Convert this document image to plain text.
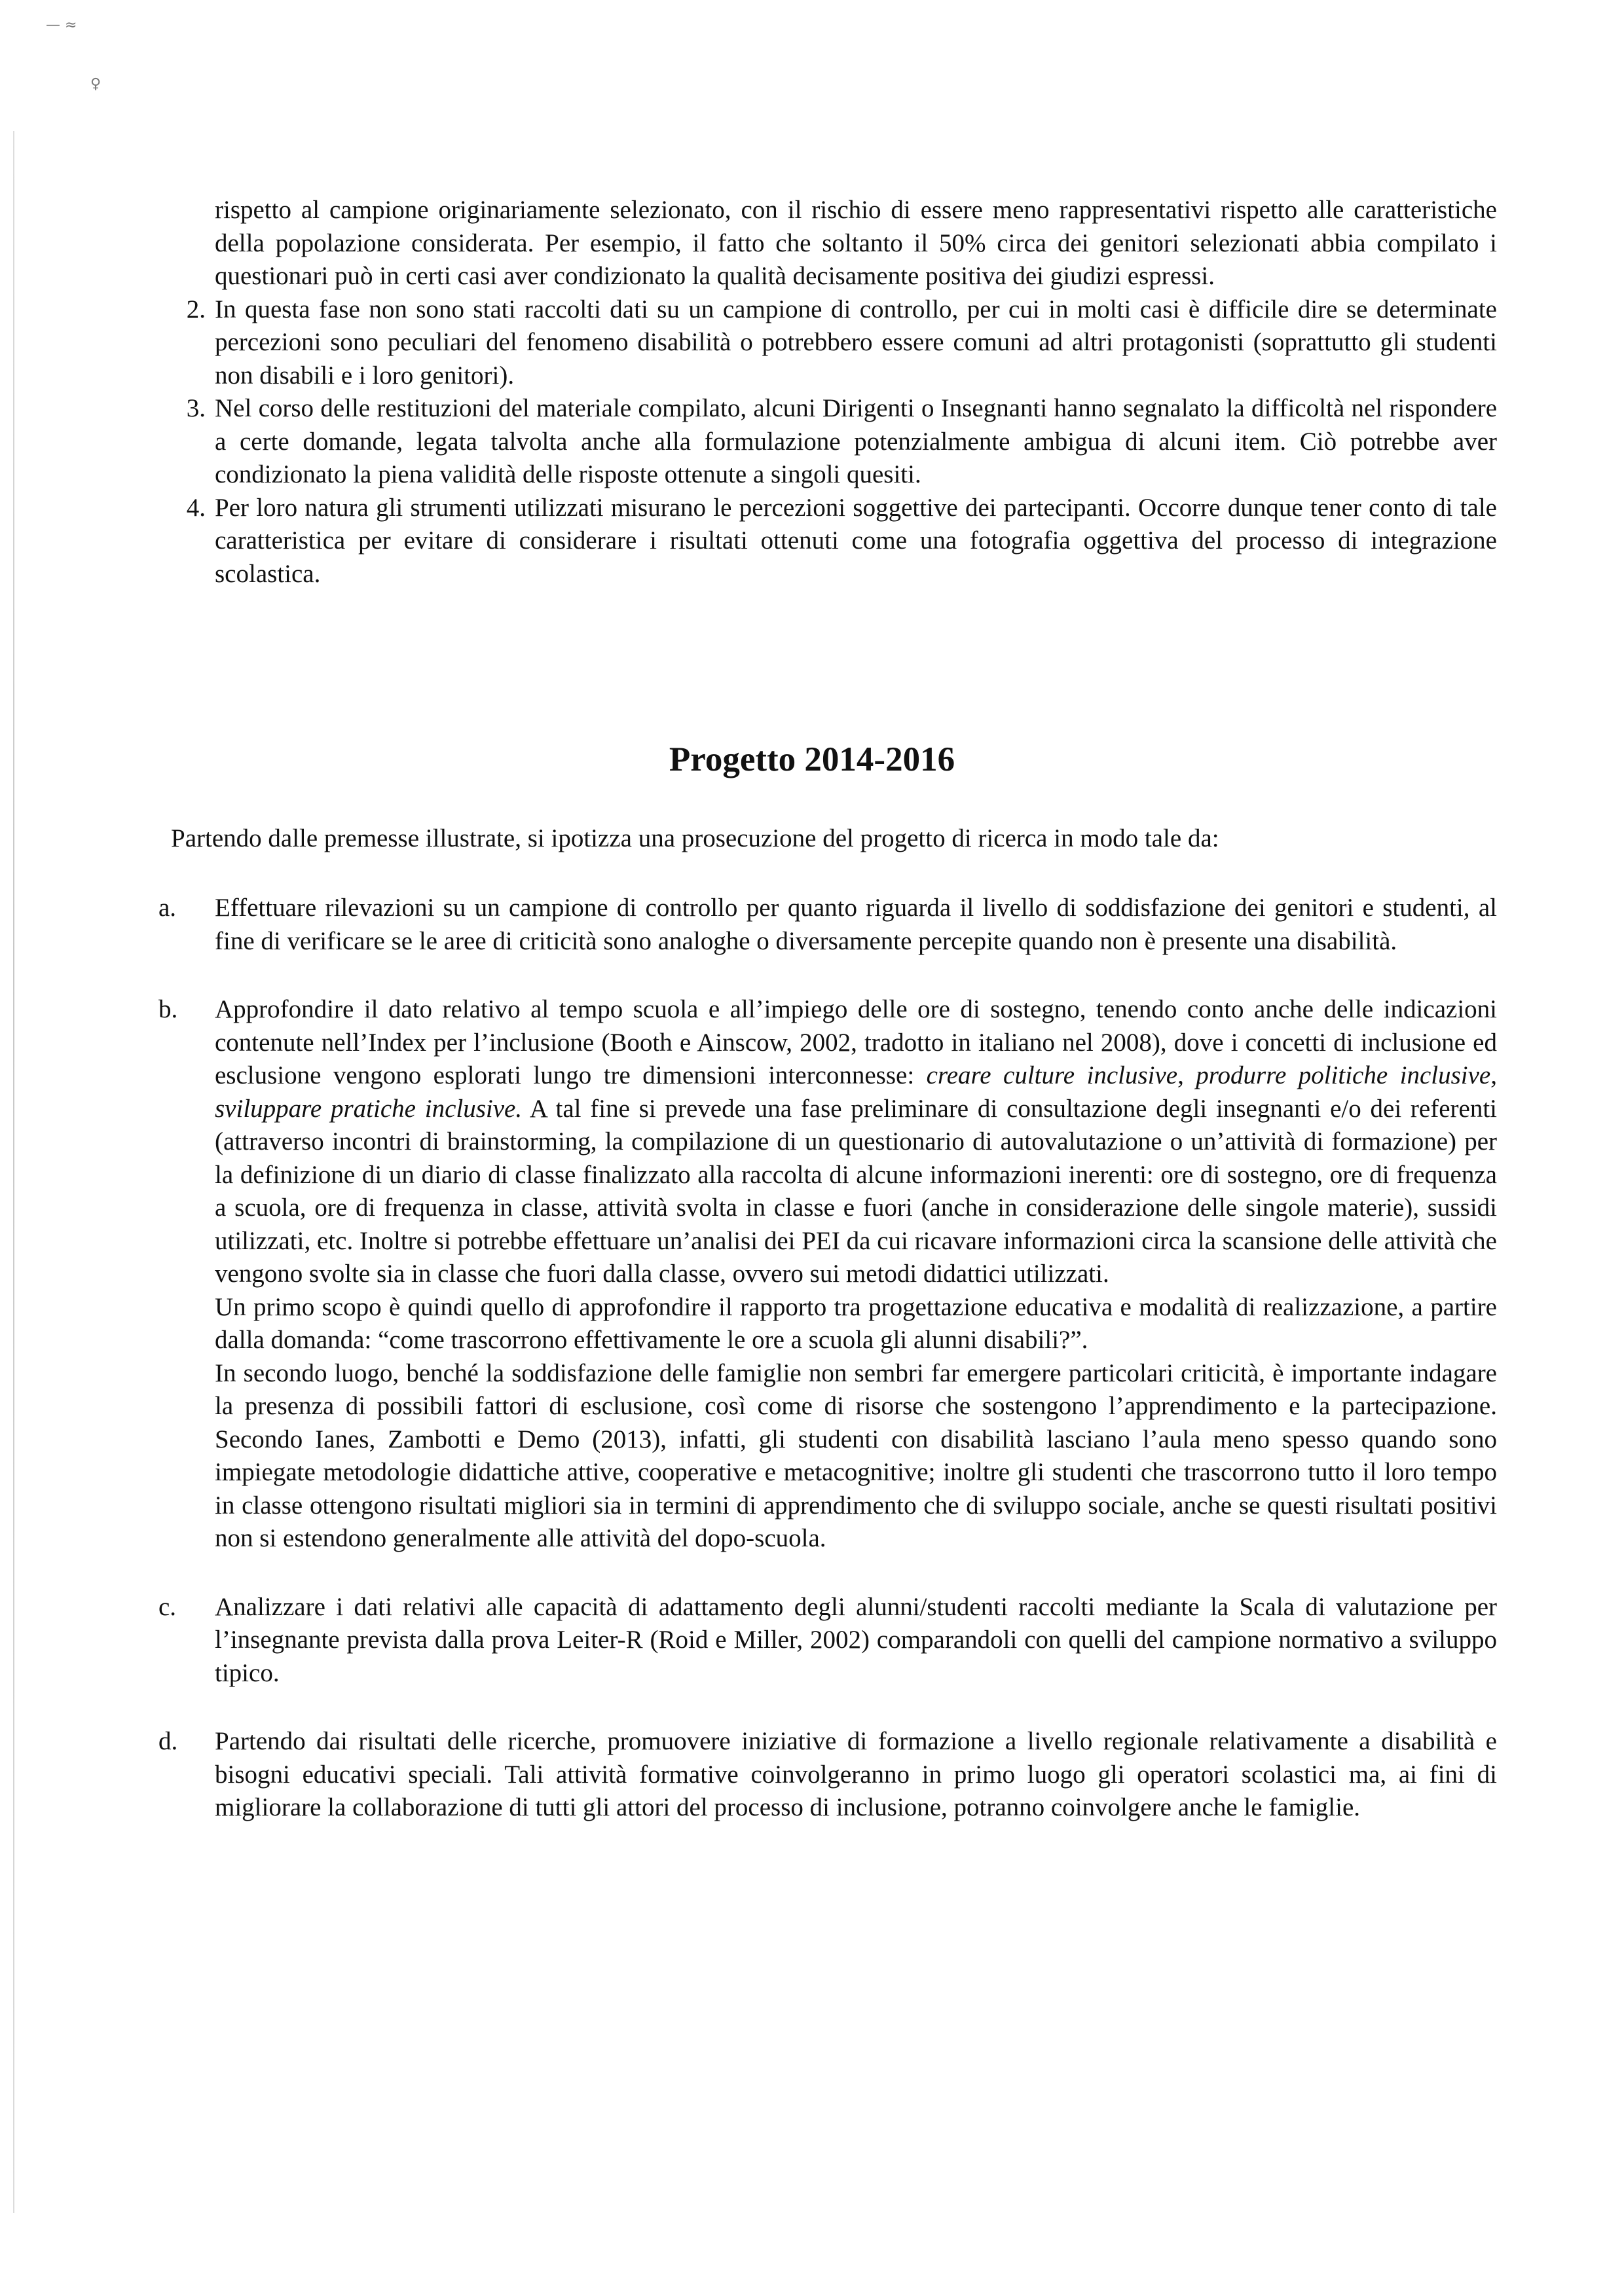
— ≈
♀

rispetto al campione originariamente selezionato, con il rischio di essere meno rappresentativi rispetto alle caratteristiche della popolazione considerata. Per esempio, il fatto che soltanto il 50% circa dei genitori selezionati abbia compilato i questionari può in certi casi aver condizionato la qualità decisamente positiva dei giudizi espressi.

2. In questa fase non sono stati raccolti dati su un campione di controllo, per cui in molti casi è difficile dire se determinate percezioni sono peculiari del fenomeno disabilità o potrebbero essere comuni ad altri protagonisti (soprattutto gli studenti non disabili e i loro genitori).
3. Nel corso delle restituzioni del materiale compilato, alcuni Dirigenti o Insegnanti hanno segnalato la difficoltà nel rispondere a certe domande, legata talvolta anche alla formulazione potenzialmente ambigua di alcuni item. Ciò potrebbe aver condizionato la piena validità delle risposte ottenute a singoli quesiti.
4. Per loro natura gli strumenti utilizzati misurano le percezioni soggettive dei partecipanti. Occorre dunque tener conto di tale caratteristica per evitare di considerare i risultati ottenuti come una fotografia oggettiva del processo di integrazione scolastica.
Progetto 2014-2016

Partendo dalle premesse illustrate, si ipotizza una prosecuzione del progetto di ricerca in modo tale da:

a.	Effettuare rilevazioni su un campione di controllo per quanto riguarda il livello di soddisfazione dei genitori e studenti, al fine di verificare se le aree di criticità sono analoghe o diversamente percepite quando non è presente una disabilità.

b.	Approfondire il dato relativo al tempo scuola e all’impiego delle ore di sostegno, tenendo conto anche delle indicazioni contenute nell’Index per l’inclusione (Booth e Ainscow, 2002, tradotto in italiano nel 2008), dove i concetti di inclusione ed esclusione vengono esplorati lungo tre dimensioni interconnesse: creare culture inclusive, produrre politiche inclusive, sviluppare pratiche inclusive. A tal fine si prevede una fase preliminare di consultazione degli insegnanti e/o dei referenti (attraverso incontri di brainstorming, la compilazione di un questionario di autovalutazione o un’attività di formazione) per la definizione di un diario di classe finalizzato alla raccolta di alcune informazioni inerenti: ore di sostegno, ore di frequenza a scuola, ore di frequenza in classe, attività svolta in classe e fuori (anche in considerazione delle singole materie), sussidi utilizzati, etc. Inoltre si potrebbe effettuare un’analisi dei PEI da cui ricavare informazioni circa la scansione delle attività che vengono svolte sia in classe che fuori dalla classe, ovvero sui metodi didattici utilizzati.

Un primo scopo è quindi quello di approfondire il rapporto tra progettazione educativa e modalità di realizzazione, a partire dalla domanda: “come trascorrono effettivamente le ore a scuola gli alunni disabili?”.

In secondo luogo, benché la soddisfazione delle famiglie non sembri far emergere particolari criticità, è importante indagare la presenza di possibili fattori di esclusione, così come di risorse che sostengono l’apprendimento e la partecipazione. Secondo Ianes, Zambotti e Demo (2013), infatti, gli studenti con disabilità lasciano l’aula meno spesso quando sono impiegate metodologie didattiche attive, cooperative e metacognitive; inoltre gli studenti che trascorrono tutto il loro tempo in classe ottengono risultati migliori sia in termini di apprendimento che di sviluppo sociale, anche se questi risultati positivi non si estendono generalmente alle attività del dopo-scuola.

c.	Analizzare i dati relativi alle capacità di adattamento degli alunni/studenti raccolti mediante la Scala di valutazione per l’insegnante prevista dalla prova Leiter-R (Roid e Miller, 2002) comparandoli con quelli del campione normativo a sviluppo tipico.

d.	Partendo dai risultati delle ricerche, promuovere iniziative di formazione a livello regionale relativamente a disabilità e bisogni educativi speciali. Tali attività formative coinvolgeranno in primo luogo gli operatori scolastici ma, ai fini di migliorare la collaborazione di tutti gli attori del processo di inclusione, potranno coinvolgere anche le famiglie.
